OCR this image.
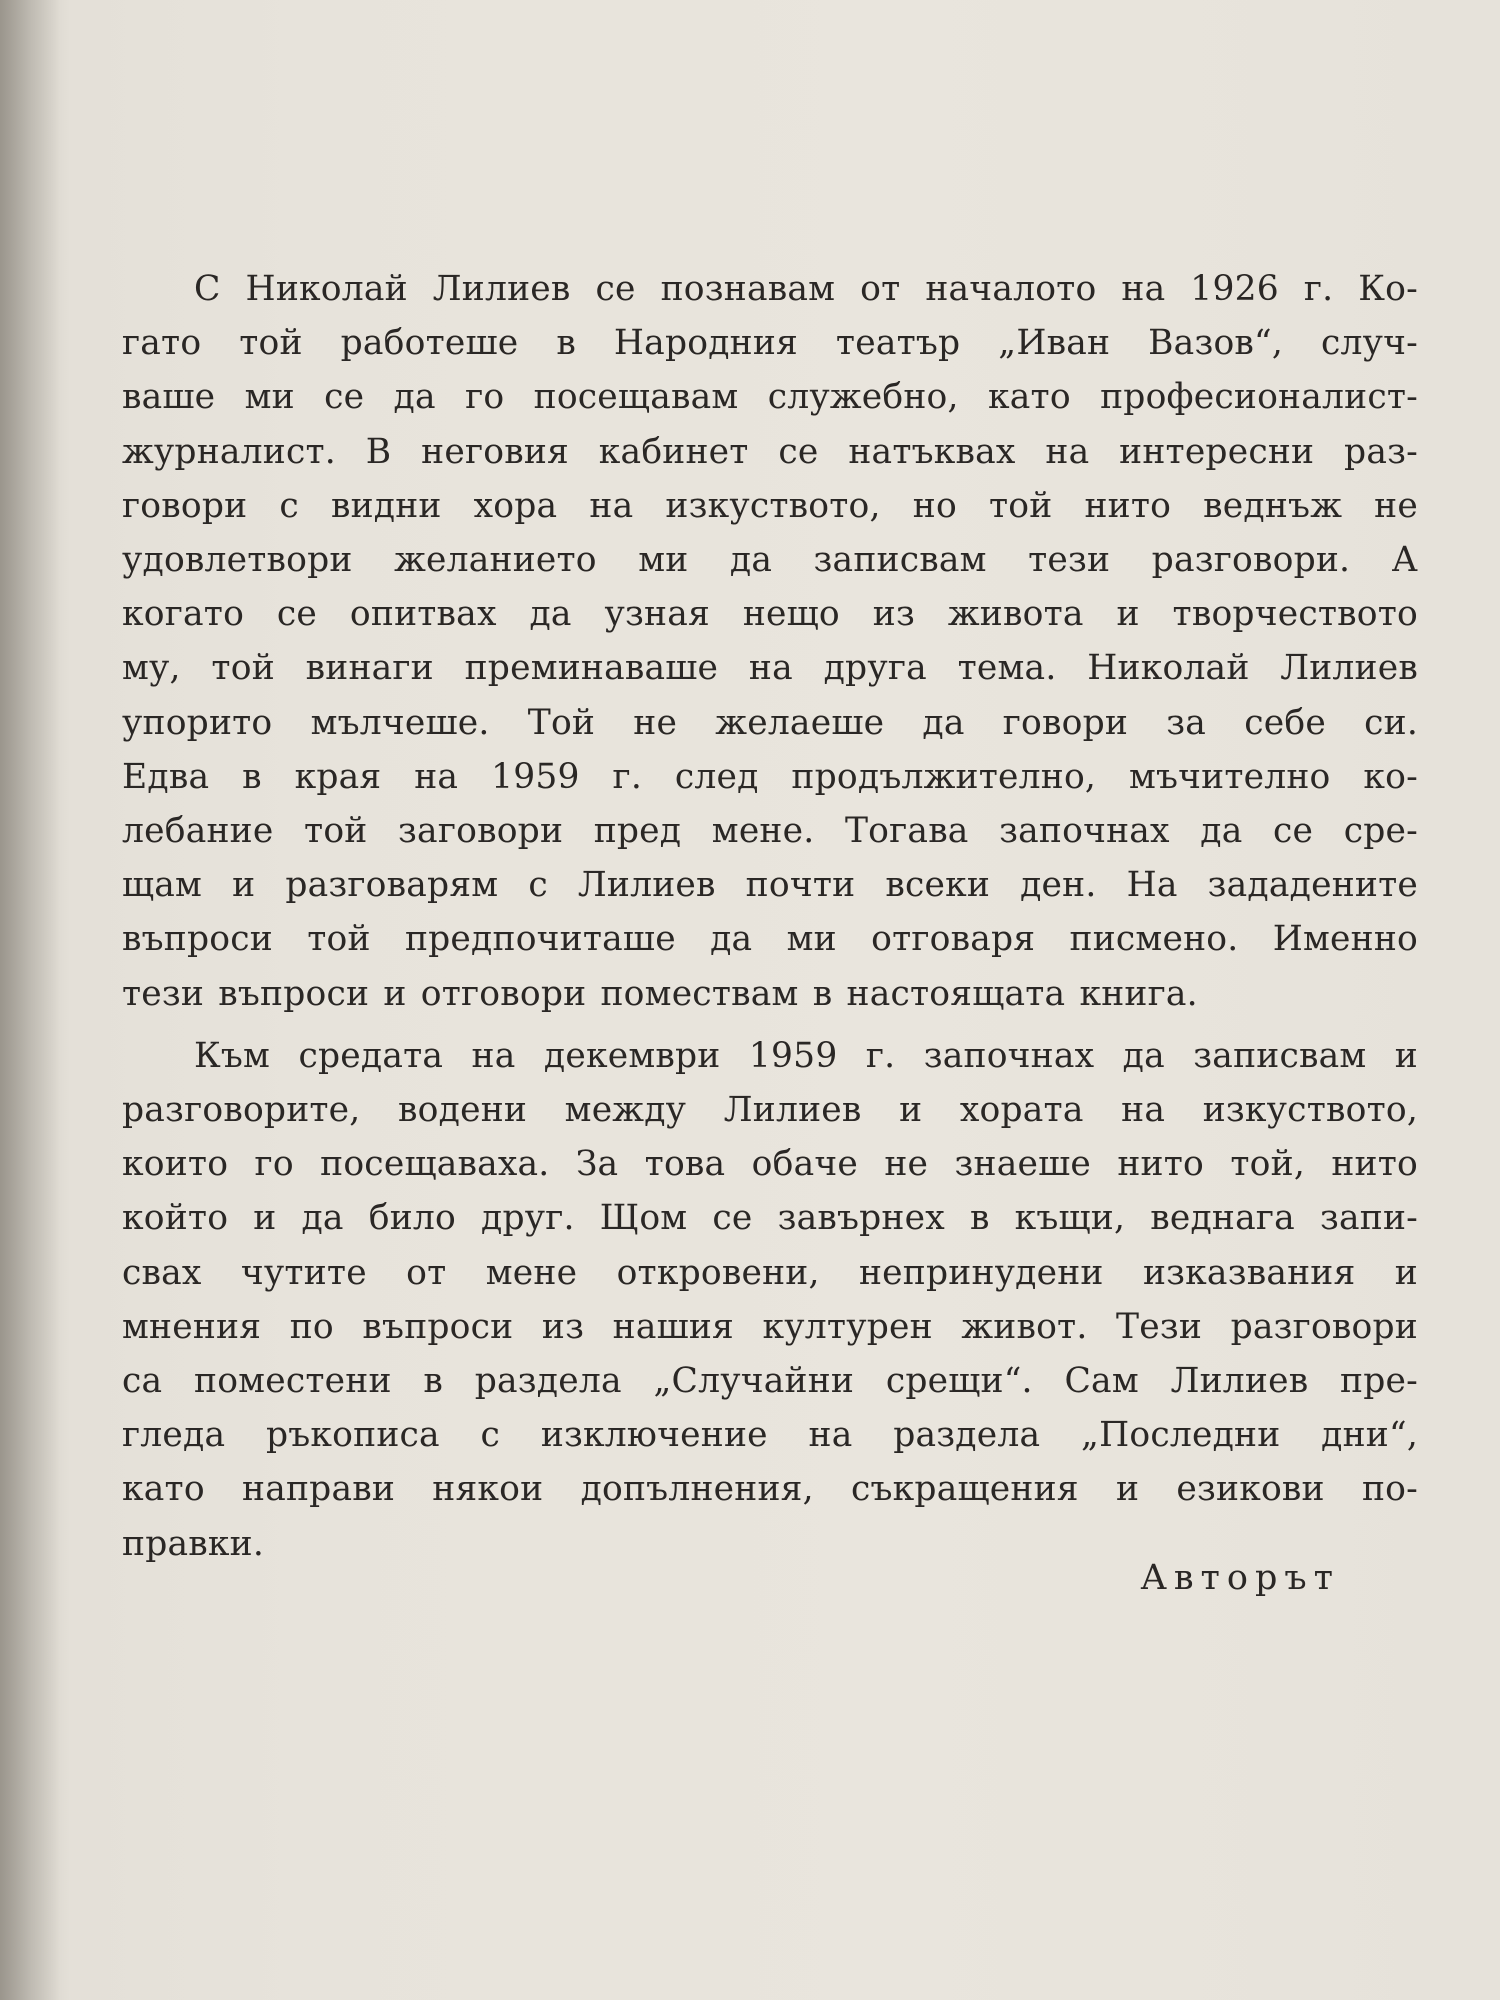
С Николай Лилиев се познавам от началото на 1926 г. Ко-
гато той работеше в Народния театър „Иван Вазов“, случ-
ваше ми се да го посещавам служебно, като професионалист-
журналист. В неговия кабинет се натъквах на интересни раз-
говори с видни хора на изкуството, но той нито веднъж не
удовлетвори желанието ми да записвам тези разговори. А
когато се опитвах да узная нещо из живота и творчеството
му, той винаги преминаваше на друга тема. Николай Лилиев
упорито мълчеше. Той не желаеше да говори за себе си.
Едва в края на 1959 г. след продължително, мъчително ко-
лебание той заговори пред мене. Тогава започнах да се сре-
щам и разговарям с Лилиев почти всеки ден. На зададените
въпроси той предпочиташе да ми отговаря писмено. Именно
тези въпроси и отговори помествам в настоящата книга.
Към средата на декември 1959 г. започнах да записвам и
разговорите, водени между Лилиев и хората на изкуството,
които го посещаваха. За това обаче не знаеше нито той, нито
който и да било друг. Щом се завърнех в къщи, веднага запи-
свах чутите от мене откровени, непринудени изказвания и
мнения по въпроси из нашия културен живот. Тези разговори
са поместени в раздела „Случайни срещи“. Сам Лилиев пре-
гледа ръкописа с изключение на раздела „Последни дни“,
като направи някои допълнения, съкращения и езикови по-
правки.
Авторът
